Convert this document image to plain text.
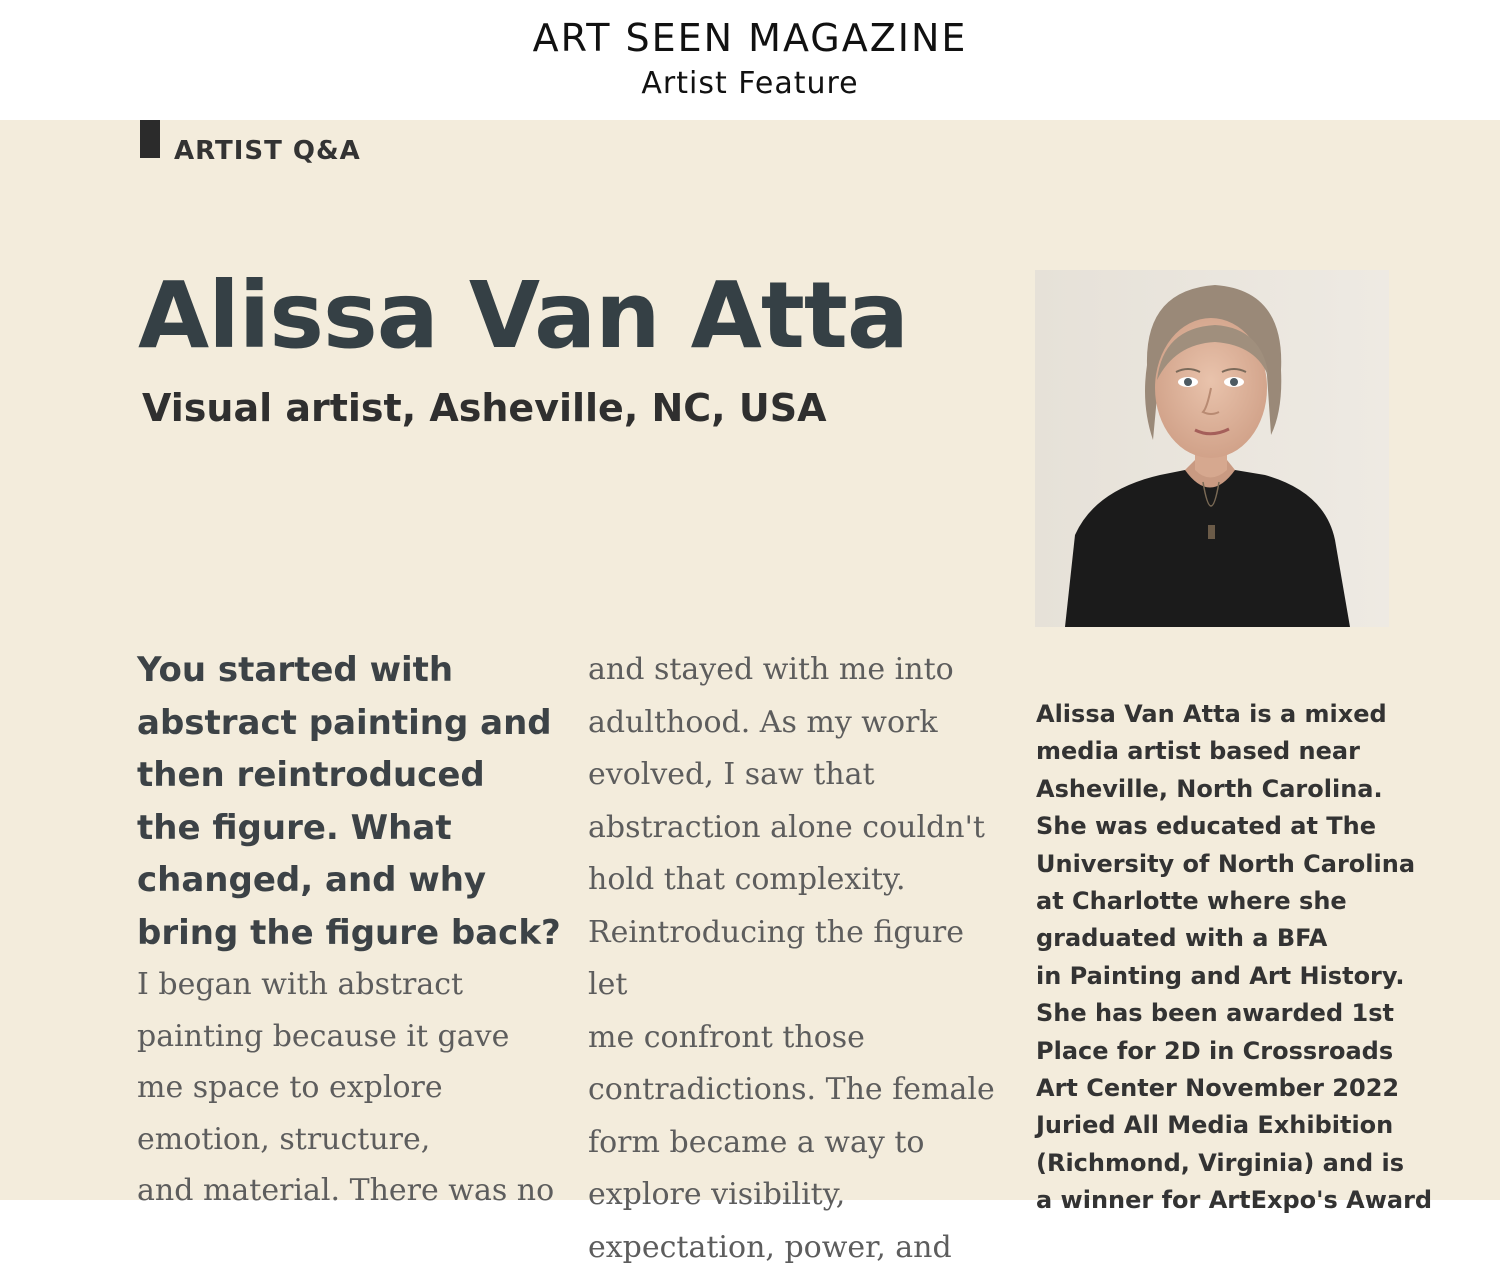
ART SEEN MAGAZINE
Artist Feature
ARTIST Q&A
Alissa Van Atta
Visual artist, Asheville, NC, USA

You started with
abstract painting and
then reintroduced
the figure. What
changed, and why
bring the figure back?

I began with abstract
painting because it gave
me space to explore
emotion, structure,
and material. There was no

and stayed with me into
adulthood. As my work
evolved, I saw that
abstraction alone couldn't
hold that complexity.
Reintroducing the figure let
me confront those
contradictions. The female
form became a way to
explore visibility,
expectation, power, and

Alissa Van Atta is a mixed
media artist based near
Asheville, North Carolina.
She was educated at The
University of North Carolina
at Charlotte where she
graduated with a BFA
in Painting and Art History.
She has been awarded 1st
Place for 2D in Crossroads
Art Center November 2022
Juried All Media Exhibition
(Richmond, Virginia) and is
a winner for ArtExpo's Award
